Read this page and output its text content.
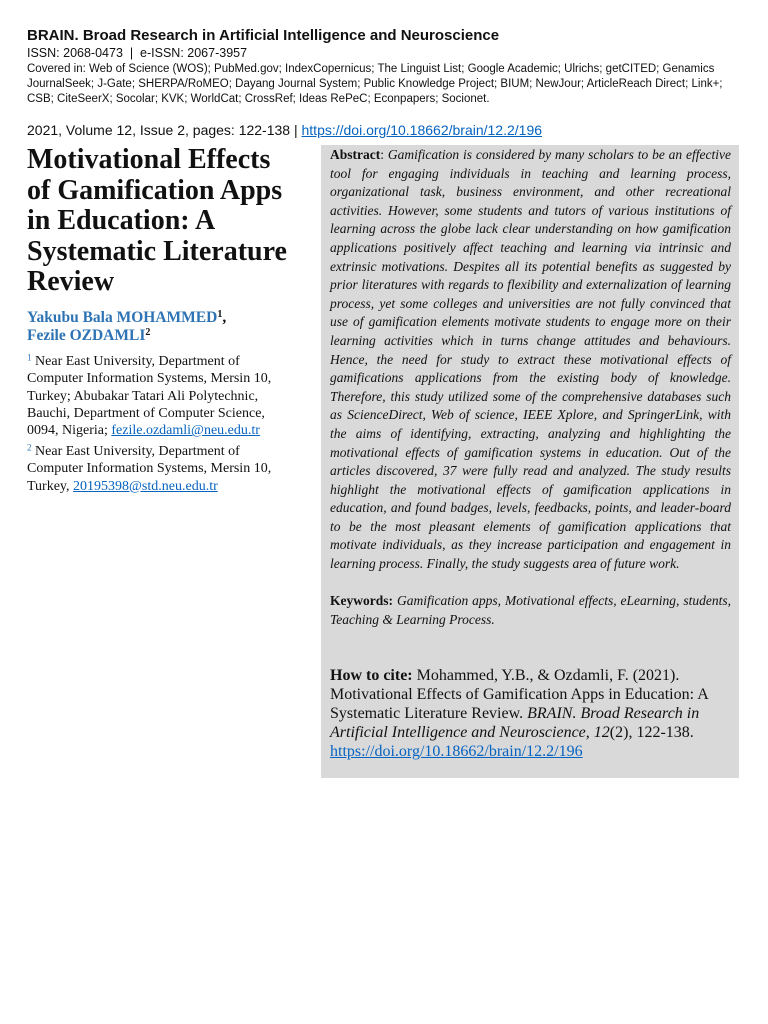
BRAIN. Broad Research in Artificial Intelligence and Neuroscience
ISSN: 2068-0473  |  e-ISSN: 2067-3957
Covered in: Web of Science (WOS); PubMed.gov; IndexCopernicus; The Linguist List; Google Academic; Ulrichs; getCITED; Genamics JournalSeek; J-Gate; SHERPA/RoMEO; Dayang Journal System; Public Knowledge Project; BIUM; NewJour; ArticleReach Direct; Link+; CSB; CiteSeerX; Socolar; KVK; WorldCat; CrossRef; Ideas RePeC; Econpapers; Socionet.
2021, Volume 12, Issue 2, pages: 122-138 | https://doi.org/10.18662/brain/12.2/196
Motivational Effects of Gamification Apps in Education: A Systematic Literature Review
Yakubu Bala MOHAMMED$^1$,
Fezile OZDAMLI$^2$

$^1$ Near East University, Department of Computer Information Systems, Mersin 10, Turkey; Abubakar Tatari Ali Polytechnic, Bauchi, Department of Computer Science, 0094, Nigeria; fezile.ozdamli@neu.edu.tr

$^2$ Near East University, Department of Computer Information Systems, Mersin 10, Turkey, 20195398@std.neu.edu.tr

Abstract: Gamification is considered by many scholars to be an effective tool for engaging individuals in teaching and learning process, organizational task, business environment, and other recreational activities. However, some students and tutors of various institutions of learning across the globe lack clear understanding on how gamification applications positively affect teaching and learning via intrinsic and extrinsic motivations. Despites all its potential benefits as suggested by prior literatures with regards to flexibility and externalization of learning process, yet some colleges and universities are not fully convinced that use of gamification elements motivate students to engage more on their learning activities which in turns change attitudes and behaviours. Hence, the need for study to extract these motivational effects of gamifications applications from the existing body of knowledge. Therefore, this study utilized some of the comprehensive databases such as ScienceDirect, Web of science, IEEE Xplore, and SpringerLink, with the aims of identifying, extracting, analyzing and highlighting the motivational effects of gamification systems in education. Out of the articles discovered, 37 were fully read and analyzed. The study results highlight the motivational effects of gamification applications in education, and found badges, levels, feedbacks, points, and leader-board to be the most pleasant elements of gamification applications that motivate individuals, as they increase participation and engagement in learning process. Finally, the study suggests area of future work.

Keywords: Gamification apps, Motivational effects, eLearning, students, Teaching & Learning Process.

How to cite: Mohammed, Y.B., & Ozdamli, F. (2021). Motivational Effects of Gamification Apps in Education: A Systematic Literature Review. BRAIN. Broad Research in Artificial Intelligence and Neuroscience, 12(2), 122-138. https://doi.org/10.18662/brain/12.2/196
